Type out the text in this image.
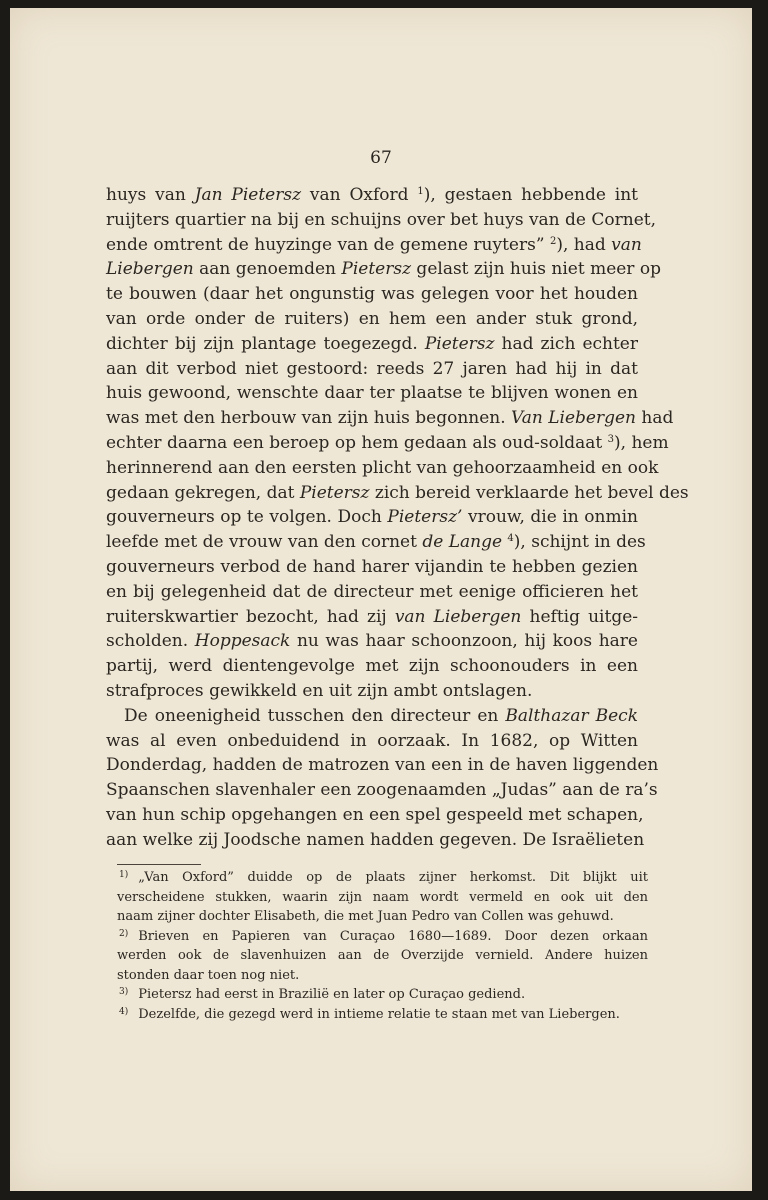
67
huys van Jan Pietersz van Oxford $^1$), gestaen hebbende int
ruijters quartier na bij en schuijns over bet huys van de Cornet,
ende omtrent de huyzinge van de gemene ruyters” $^2$), had van
Liebergen aan genoemden Pietersz gelast zijn huis niet meer op
te bouwen (daar het ongunstig was gelegen voor het houden
van orde onder de ruiters) en hem een ander stuk grond,
dichter bij zijn plantage toegezegd. Pietersz had zich echter
aan dit verbod niet gestoord: reeds 27 jaren had hij in dat
huis gewoond, wenschte daar ter plaatse te blijven wonen en
was met den herbouw van zijn huis begonnen. Van Liebergen had
echter daarna een beroep op hem gedaan als oud-soldaat $^3$), hem
herinnerend aan den eersten plicht van gehoorzaamheid en ook
gedaan gekregen, dat Pietersz zich bereid verklaarde het bevel des
gouverneurs op te volgen. Doch Pietersz’ vrouw, die in onmin
leefde met de vrouw van den cornet de Lange $^4$), schijnt in des
gouverneurs verbod de hand harer vijandin te hebben gezien
en bij gelegenheid dat de directeur met eenige officieren het
ruiterskwartier bezocht, had zij van Liebergen heftig uitge-
scholden. Hoppesack nu was haar schoonzoon, hij koos hare
partij, werd dientengevolge met zijn schoonouders in een
strafproces gewikkeld en uit zijn ambt ontslagen.
De oneenigheid tusschen den directeur en Balthazar Beck
was al even onbeduidend in oorzaak. In 1682, op Witten
Donderdag, hadden de matrozen van een in de haven liggenden
Spaanschen slavenhaler een zoogenaamden „Judas” aan de ra’s
van hun schip opgehangen en een spel gespeeld met schapen,
aan welke zij Joodsche namen hadden gegeven. De Israëlieten
$^{1)}$ „Van Oxford” duidde op de plaats zijner herkomst. Dit blijkt uit
verscheidene stukken, waarin zijn naam wordt vermeld en ook uit den
naam zijner dochter Elisabeth, die met Juan Pedro van Collen was gehuwd.
$^{2)}$ Brieven en Papieren van Curaçao 1680—1689. Door dezen orkaan
werden ook de slavenhuizen aan de Overzijde vernield. Andere huizen
stonden daar toen nog niet.
$^{3)}$ Pietersz had eerst in Brazilië en later op Curaçao gediend.
$^{4)}$ Dezelfde, die gezegd werd in intieme relatie te staan met van Liebergen.
